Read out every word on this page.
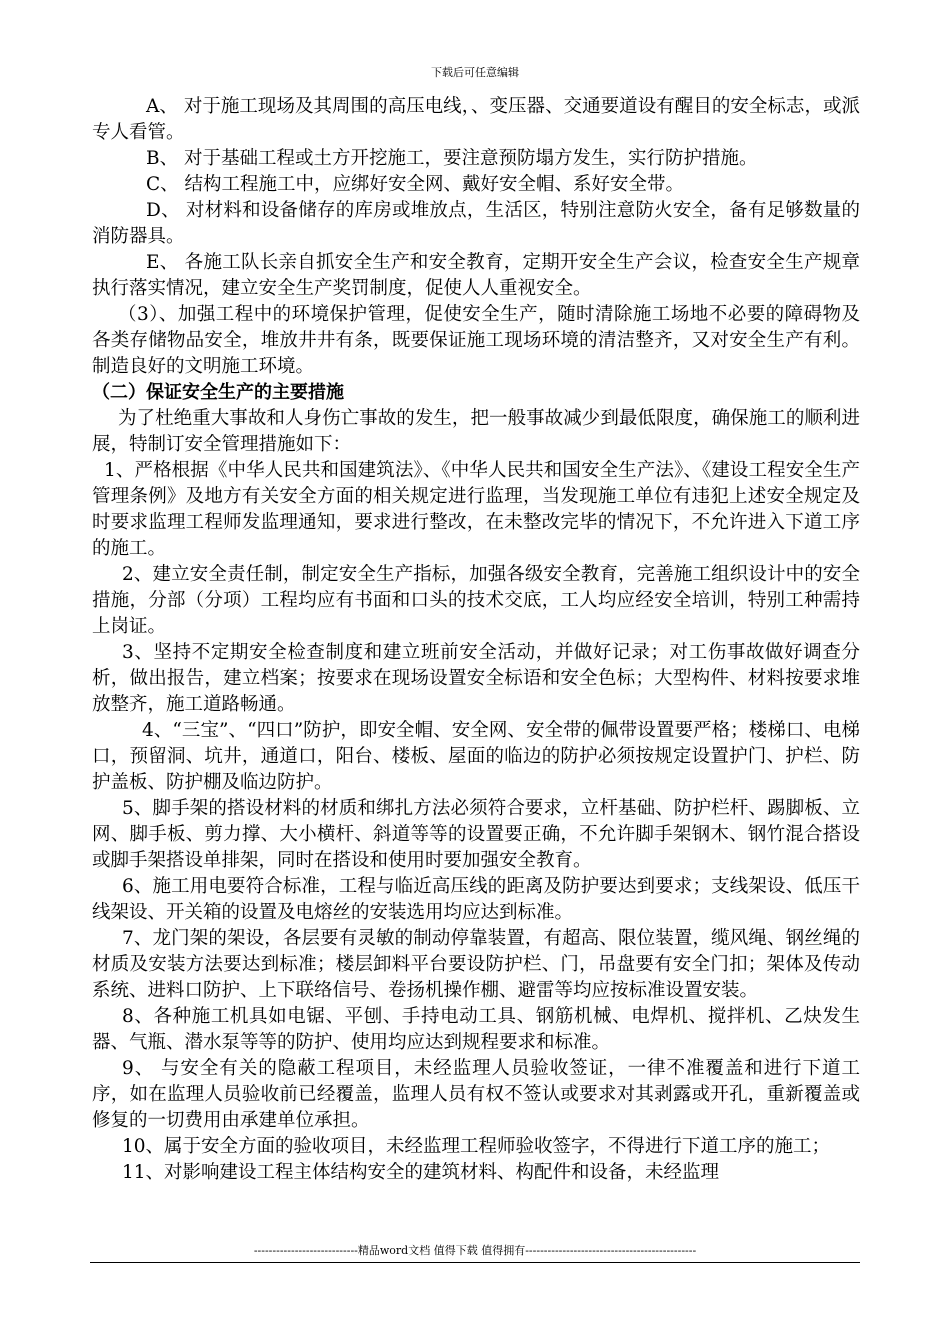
下载后可任意编辑

A、 对于施工现场及其周围的高压电线，、变压器、交通要道设有醒目的安全标志，或派专人看管。

B、 对于基础工程或土方开挖施工，要注意预防塌方发生，实行防护措施。

C、 结构工程施工中，应绑好安全网、戴好安全帽、系好安全带。

D、 对材料和设备储存的库房或堆放点，生活区，特别注意防火安全，备有足够数量的消防器具。

E、 各施工队长亲自抓安全生产和安全教育，定期开安全生产会议，检查安全生产规章执行落实情况，建立安全生产奖罚制度，促使人人重视安全。

（3）、加强工程中的环境保护管理，促使安全生产，随时清除施工场地不必要的障碍物及各类存储物品安全，堆放井井有条，既要保证施工现场环境的清洁整齐，又对安全生产有利。制造良好的文明施工环境。

（二）保证安全生产的主要措施

为了杜绝重大事故和人身伤亡事故的发生，把一般事故减少到最低限度，确保施工的顺利进展，特制订安全管理措施如下：

1、严格根据《中华人民共和国建筑法》、《中华人民共和国安全生产法》、《建设工程安全生产管理条例》及地方有关安全方面的相关规定进行监理，当发现施工单位有违犯上述安全规定及时要求监理工程师发监理通知，要求进行整改，在未整改完毕的情况下，不允许进入下道工序的施工。

2、建立安全责任制，制定安全生产指标，加强各级安全教育，完善施工组织设计中的安全措施，分部（分项）工程均应有书面和口头的技术交底，工人均应经安全培训，特别工种需持上岗证。

3、坚持不定期安全检查制度和建立班前安全活动，并做好记录；对工伤事故做好调查分析，做出报告，建立档案；按要求在现场设置安全标语和安全色标；大型构件、材料按要求堆放整齐，施工道路畅通。

4、“三宝”、“四口”防护，即安全帽、安全网、安全带的佩带设置要严格；楼梯口、电梯口，预留洞、坑井，通道口，阳台、楼板、屋面的临边的防护必须按规定设置护门、护栏、防护盖板、防护棚及临边防护。

5、脚手架的搭设材料的材质和绑扎方法必须符合要求，立杆基础、防护栏杆、踢脚板、立网、脚手板、剪力撑、大小横杆、斜道等等的设置要正确，不允许脚手架钢木、钢竹混合搭设或脚手架搭设单排架，同时在搭设和使用时要加强安全教育。

6、施工用电要符合标准，工程与临近高压线的距离及防护要达到要求；支线架设、低压干线架设、开关箱的设置及电熔丝的安装选用均应达到标准。

7、龙门架的架设，各层要有灵敏的制动停靠装置，有超高、限位装置，缆风绳、钢丝绳的材质及安装方法要达到标准；楼层卸料平台要设防护栏、门，吊盘要有安全门扣；架体及传动系统、进料口防护、上下联络信号、卷扬机操作棚、避雷等均应按标准设置安装。

8、各种施工机具如电锯、平刨、手持电动工具、钢筋机械、电焊机、搅拌机、乙炔发生器、气瓶、潜水泵等等的防护、使用均应达到规程要求和标准。

9、 与安全有关的隐蔽工程项目，未经监理人员验收签证，一律不准覆盖和进行下道工序，如在监理人员验收前已经覆盖，监理人员有权不签认或要求对其剥露或开孔，重新覆盖或修复的一切费用由承建单位承担。

10、属于安全方面的验收项目，未经监理工程师验收签字，不得进行下道工序的施工；

11、对影响建设工程主体结构安全的建筑材料、构配件和设备，未经监理

----------------------------精品word文档 值得下载 值得拥有----------------------------------------------
